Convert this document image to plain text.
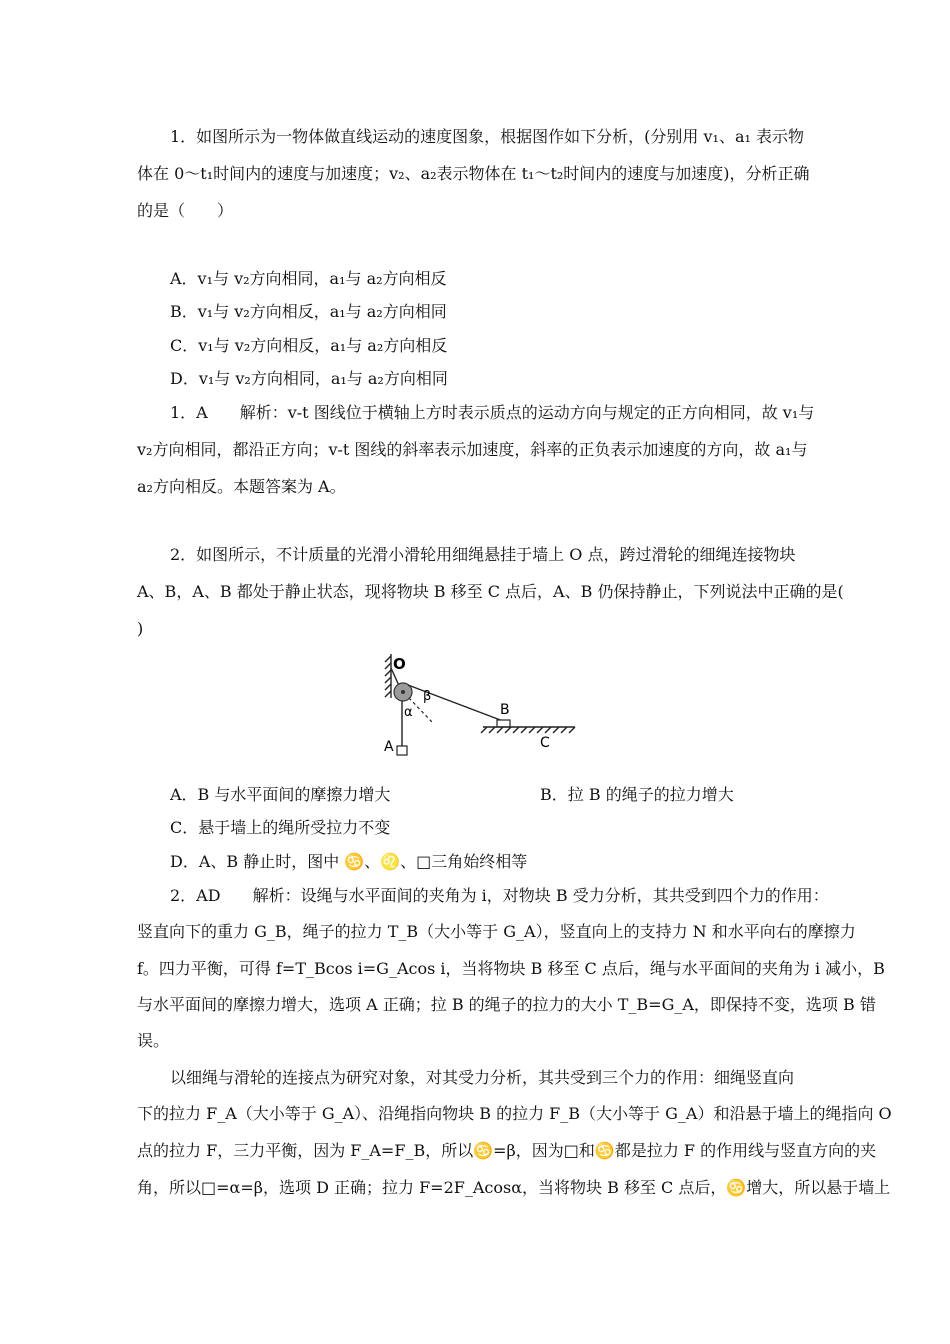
1．如图所示为一物体做直线运动的速度图象，根据图作如下分析，(分别用 v₁、a₁ 表示物
体在 0～t₁时间内的速度与加速度；v₂、a₂表示物体在 t₁～t₂时间内的速度与加速度)，分析正确
的是（　　）
A．v₁与 v₂方向相同，a₁与 a₂方向相反
B．v₁与 v₂方向相反，a₁与 a₂方向相同
C．v₁与 v₂方向相反，a₁与 a₂方向相反
D．v₁与 v₂方向相同，a₁与 a₂方向相同
1．A　　解析：v-t 图线位于横轴上方时表示质点的运动方向与规定的正方向相同，故 v₁与
v₂方向相同，都沿正方向；v-t 图线的斜率表示加速度，斜率的正负表示加速度的方向，故 a₁与
a₂方向相反。本题答案为 A。
2．如图所示，不计质量的光滑小滑轮用细绳悬挂于墙上 O 点，跨过滑轮的细绳连接物块
A、B，A、B 都处于静止状态，现将物块 B 移至 C 点后，A、B 仍保持静止，下列说法中正确的是(
)
O
β
α
A
B
C
A．B 与水平面间的摩擦力增大	B．拉 B 的绳子的拉力增大
C．悬于墙上的绳所受拉力不变
D．A、B 静止时，图中 ♋、♌、□三角始终相等
2．AD　　解析：设绳与水平面间的夹角为 i，对物块 B 受力分析，其共受到四个力的作用：
竖直向下的重力 G_B，绳子的拉力 T_B（大小等于 G_A），竖直向上的支持力 N 和水平向右的摩擦力
f。四力平衡，可得 f=T_Bcos i=G_Acos i，当将物块 B 移至 C 点后，绳与水平面间的夹角为 i 减小，B
与水平面间的摩擦力增大，选项 A 正确；拉 B 的绳子的拉力的大小 T_B=G_A，即保持不变，选项 B 错
误。
以细绳与滑轮的连接点为研究对象，对其受力分析，其共受到三个力的作用：细绳竖直向
下的拉力 F_A（大小等于 G_A）、沿绳指向物块 B 的拉力 F_B（大小等于 G_A）和沿悬于墙上的绳指向 O
点的拉力 F，三力平衡，因为 F_A=F_B，所以♋=β，因为□和♋都是拉力 F 的作用线与竖直方向的夹
角，所以□=α=β，选项 D 正确；拉力 F=2F_Acosα，当将物块 B 移至 C 点后，♋增大，所以悬于墙上
